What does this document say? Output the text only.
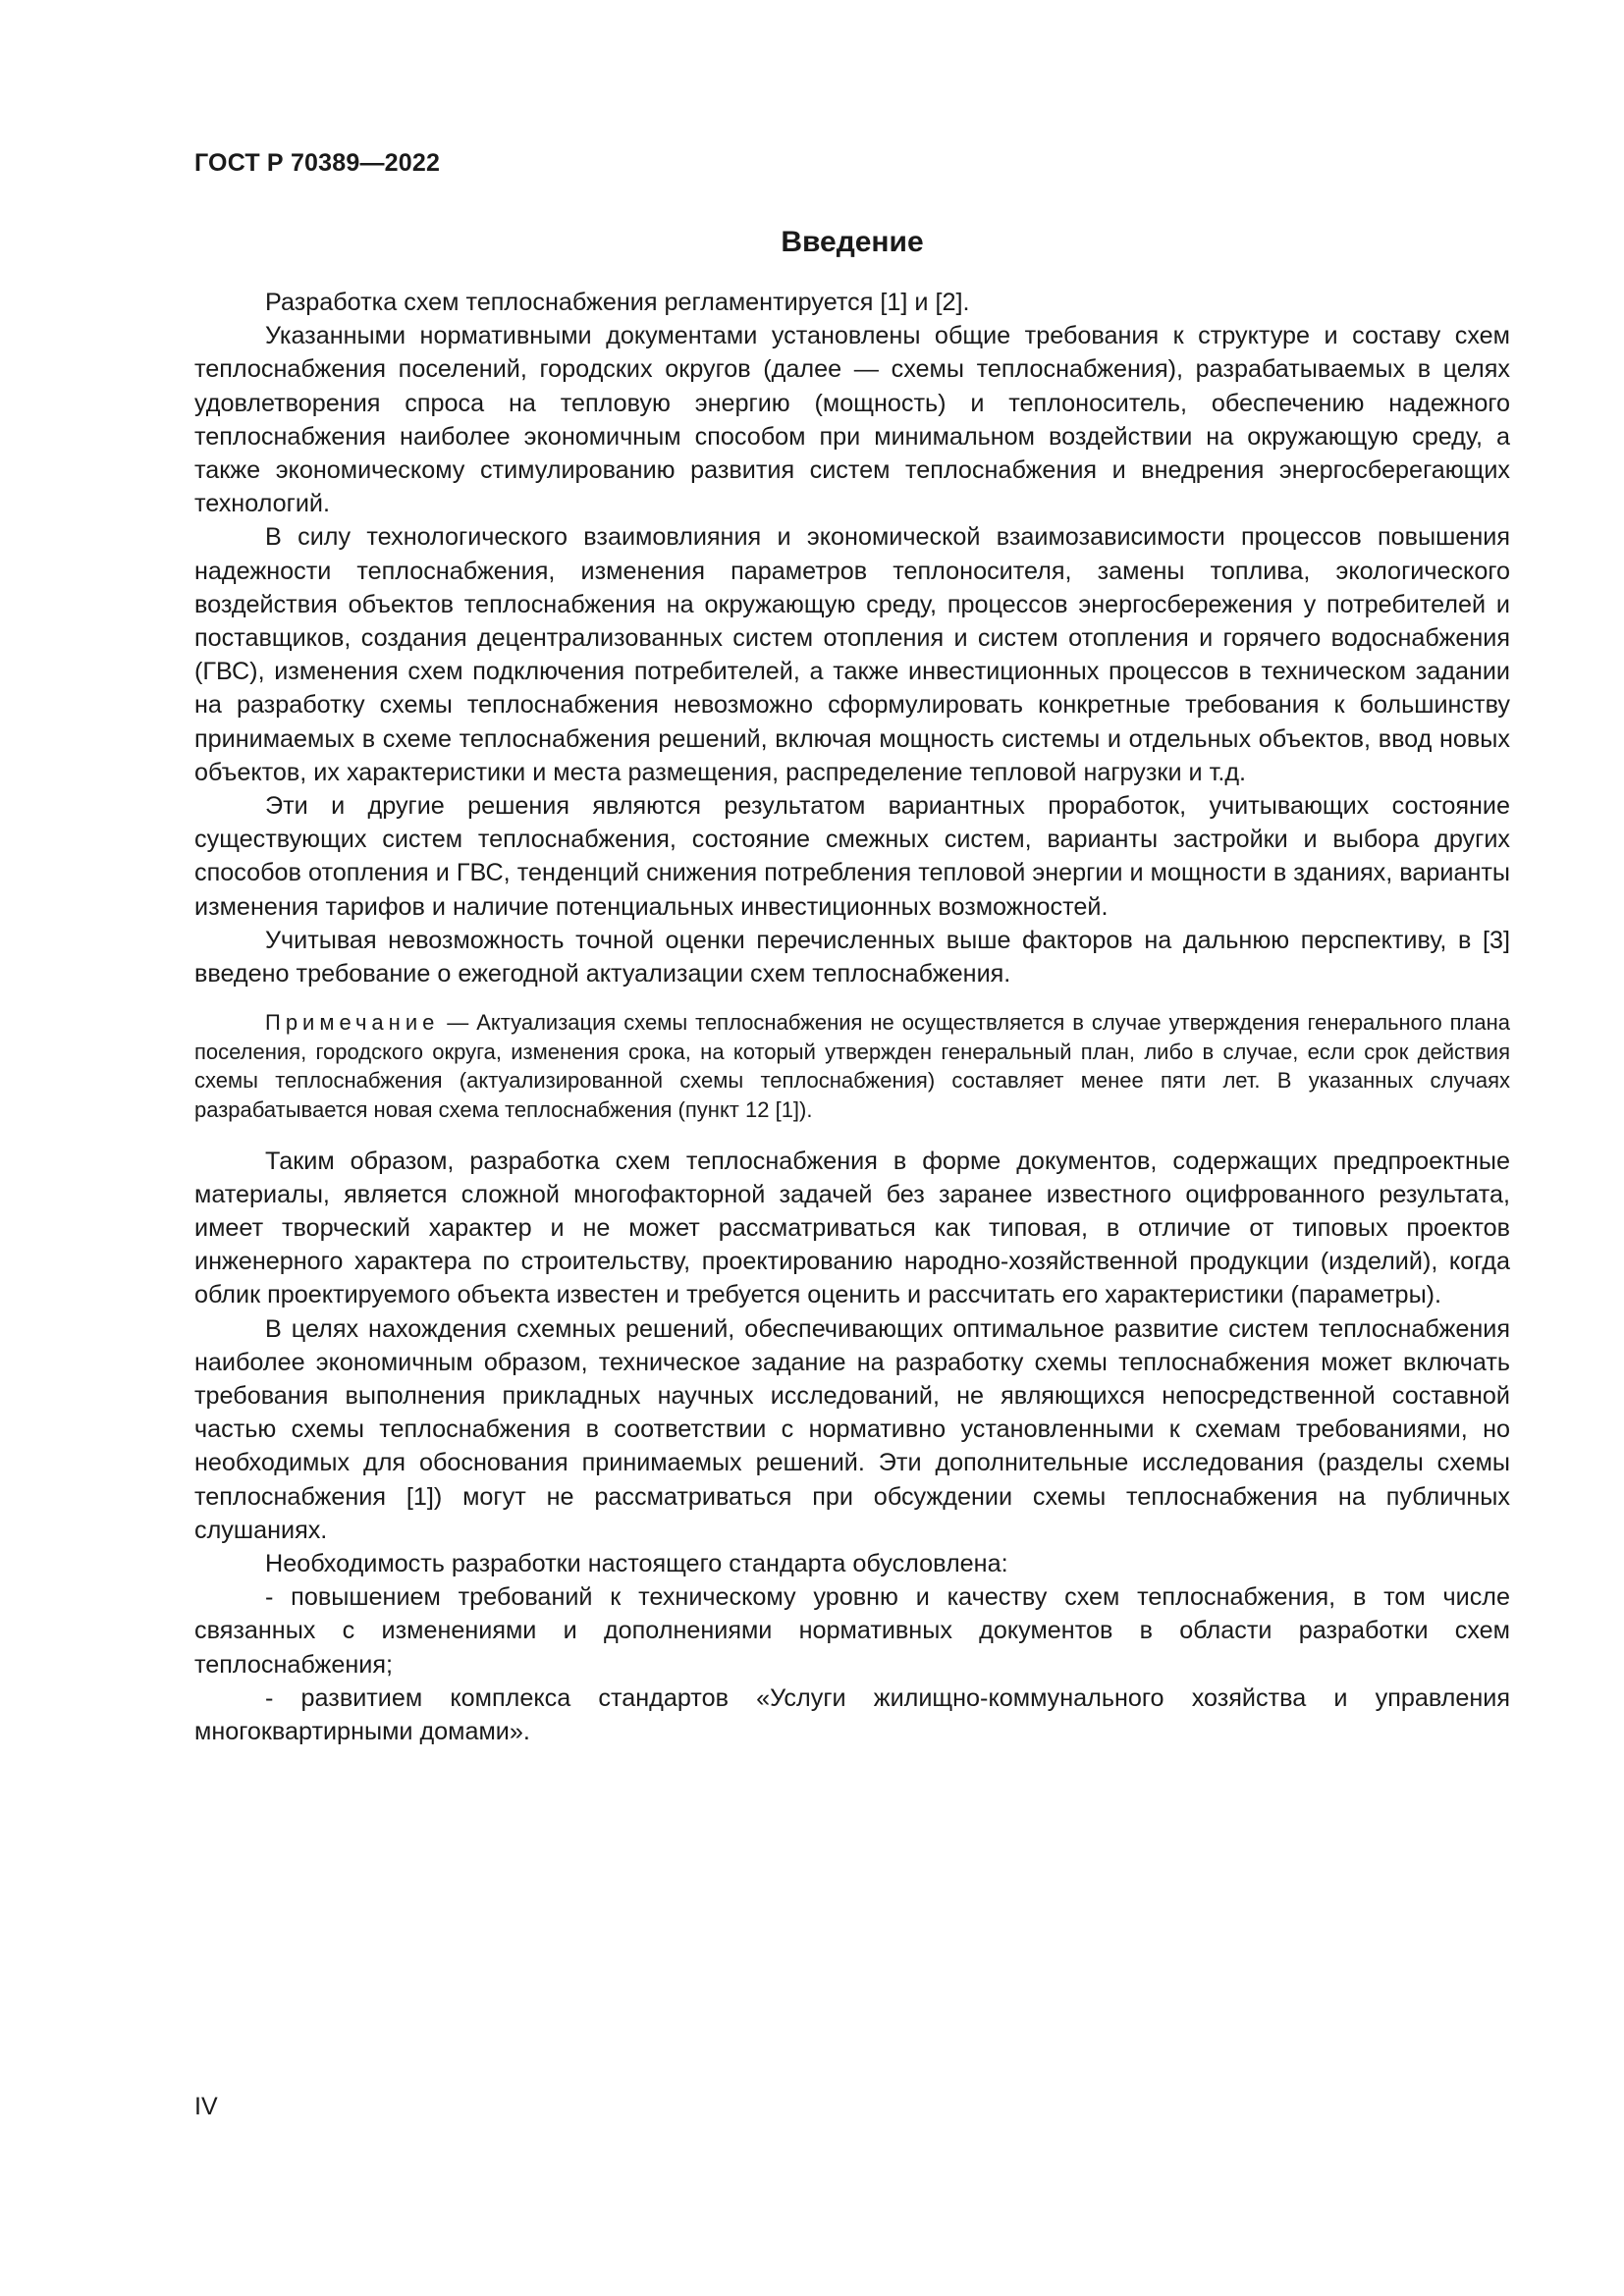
ГОСТ Р 70389—2022
Введение

Разработка схем теплоснабжения регламентируется [1] и [2].

Указанными нормативными документами установлены общие требования к структуре и составу схем теплоснабжения поселений, городских округов (далее — схемы теплоснабжения), разрабатываемых в целях удовлетворения спроса на тепловую энергию (мощность) и теплоноситель, обеспечению надежного теплоснабжения наиболее экономичным способом при минимальном воздействии на окружающую среду, а также экономическому стимулированию развития систем теплоснабжения и внедрения энергосберегающих технологий.

В силу технологического взаимовлияния и экономической взаимозависимости процессов повышения надежности теплоснабжения, изменения параметров теплоносителя, замены топлива, экологического воздействия объектов теплоснабжения на окружающую среду, процессов энергосбережения у потребителей и поставщиков, создания децентрализованных систем отопления и систем отопления и горячего водоснабжения (ГВС), изменения схем подключения потребителей, а также инвестиционных процессов в техническом задании на разработку схемы теплоснабжения невозможно сформулировать конкретные требования к большинству принимаемых в схеме теплоснабжения решений, включая мощность системы и отдельных объектов, ввод новых объектов, их характеристики и места размещения, распределение тепловой нагрузки и т.д.

Эти и другие решения являются результатом вариантных проработок, учитывающих состояние существующих систем теплоснабжения, состояние смежных систем, варианты застройки и выбора других способов отопления и ГВС, тенденций снижения потребления тепловой энергии и мощности в зданиях, варианты изменения тарифов и наличие потенциальных инвестиционных возможностей.

Учитывая невозможность точной оценки перечисленных выше факторов на дальнюю перспективу, в [3] введено требование о ежегодной актуализации схем теплоснабжения.

Примечание — Актуализация схемы теплоснабжения не осуществляется в случае утверждения генерального плана поселения, городского округа, изменения срока, на который утвержден генеральный план, либо в случае, если срок действия схемы теплоснабжения (актуализированной схемы теплоснабжения) составляет менее пяти лет. В указанных случаях разрабатывается новая схема теплоснабжения (пункт 12 [1]).

Таким образом, разработка схем теплоснабжения в форме документов, содержащих предпроектные материалы, является сложной многофакторной задачей без заранее известного оцифрованного результата, имеет творческий характер и не может рассматриваться как типовая, в отличие от типовых проектов инженерного характера по строительству, проектированию народно-хозяйственной продукции (изделий), когда облик проектируемого объекта известен и требуется оценить и рассчитать его характеристики (параметры).

В целях нахождения схемных решений, обеспечивающих оптимальное развитие систем теплоснабжения наиболее экономичным образом, техническое задание на разработку схемы теплоснабжения может включать требования выполнения прикладных научных исследований, не являющихся непосредственной составной частью схемы теплоснабжения в соответствии с нормативно установленными к схемам требованиями, но необходимых для обоснования принимаемых решений. Эти дополнительные исследования (разделы схемы теплоснабжения [1]) могут не рассматриваться при обсуждении схемы теплоснабжения на публичных слушаниях.

Необходимость разработки настоящего стандарта обусловлена:

- повышением требований к техническому уровню и качеству схем теплоснабжения, в том числе связанных с изменениями и дополнениями нормативных документов в области разработки схем теплоснабжения;

- развитием комплекса стандартов «Услуги жилищно-коммунального хозяйства и управления многоквартирными домами».

IV
